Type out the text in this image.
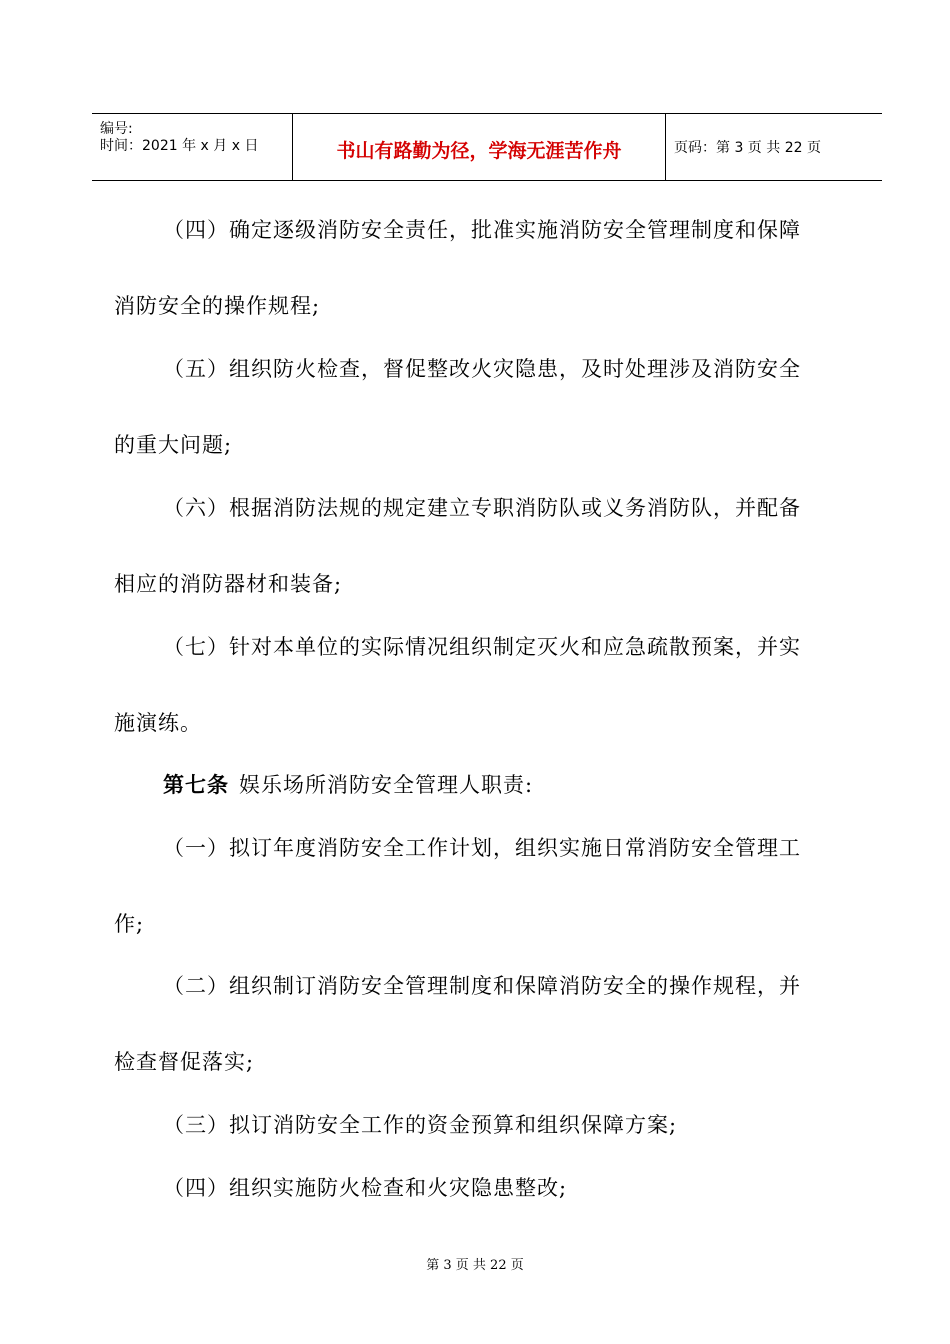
编号:
时间：2021 年 x 月 x 日	书山有路勤为径，学海无涯苦作舟	页码：第 3 页 共 22 页
（四）确定逐级消防安全责任，批准实施消防安全管理制度和保障
消防安全的操作规程;
（五）组织防火检查，督促整改火灾隐患，及时处理涉及消防安全
的重大问题;
（六）根据消防法规的规定建立专职消防队或义务消防队，并配备
相应的消防器材和装备;
（七）针对本单位的实际情况组织制定灭火和应急疏散预案，并实
施演练。
第七条 娱乐场所消防安全管理人职责:
（一）拟订年度消防安全工作计划，组织实施日常消防安全管理工
作;
（二）组织制订消防安全管理制度和保障消防安全的操作规程，并
检查督促落实;
（三）拟订消防安全工作的资金预算和组织保障方案;
（四）组织实施防火检查和火灾隐患整改;
第 3 页 共 22 页
